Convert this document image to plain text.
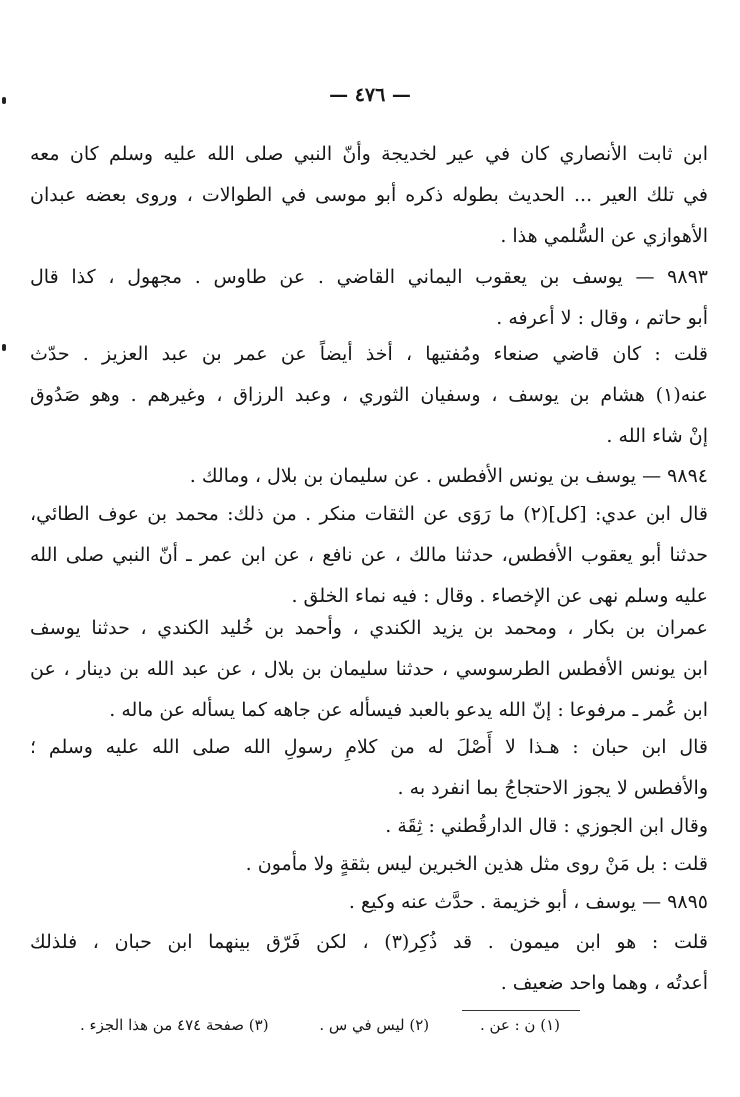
— ٤٧٦ —
ابن ثابت الأنصاري كان في عير لخديجة وأنّ النبي صلى الله عليه وسلم كان معه
في تلك العير ... الحديث بطوله ذكره أبو موسى في الطوالات ، وروى بعضه عبدان
الأهوازي عن السُّلمي هذا .
٩٨٩٣ — يوسف بن يعقوب اليماني القاضي . عن طاوس . مجهول ، كذا قال
أبو حاتم ، وقال : لا أعرفه .
قلت : كان قاضي صنعاء ومُفتيها ، أخذ أيضاً عن عمر بن عبد العزيز . حدّث
عنه(١) هشام بن يوسف ، وسفيان الثوري ، وعبد الرزاق ، وغيرهم . وهو صَدُوق
إنْ شاء الله .
٩٨٩٤ — يوسف بن يونس الأفطس . عن سليمان بن بلال ، ومالك .
قال ابن عدي: [كل](٢) ما رَوَى عن الثقات منكر . من ذلك: محمد بن عوف الطائي،
حدثنا أبو يعقوب الأفطس، حدثنا مالك ، عن نافع ، عن ابن عمر ـ أنّ النبي صلى الله
عليه وسلم نهى عن الإخصاء . وقال : فيه نماء الخلق .
عمران بن بكار ، ومحمد بن يزيد الكندي ، وأحمد بن خُليد الكندي ، حدثنا يوسف
ابن يونس الأفطس الطرسوسي ، حدثنا سليمان بن بلال ، عن عبد الله بن دينار ، عن
ابن عُمر ـ مرفوعا : إنّ الله يدعو بالعبد فيسأله عن جاهه كما يسأله عن ماله .
قال ابن حبان : هـذا لا أَصْلَ له من كلامِ رسولِ الله صلى الله عليه وسلم ؛
والأفطس لا يجوز الاحتجاجُ بما انفرد به .
وقال ابن الجوزي : قال الدارقُطني : ثِقَة .
قلت : بل مَنْ روى مثل هذين الخبرين ليس بثقةٍ ولا مأمون .
٩٨٩٥ — يوسف ، أبو خزيمة . حدَّث عنه وكيع .
قلت : هو ابن ميمون . قد ذُكِر(٣) ، لكن فَرّق بينهما ابن حبان ، فلذلك
أعدتُه ، وهما واحد ضعيف .
(١) ن : عن .
(٢) ليس في س .
(٣) صفحة ٤٧٤ من هذا الجزء .
